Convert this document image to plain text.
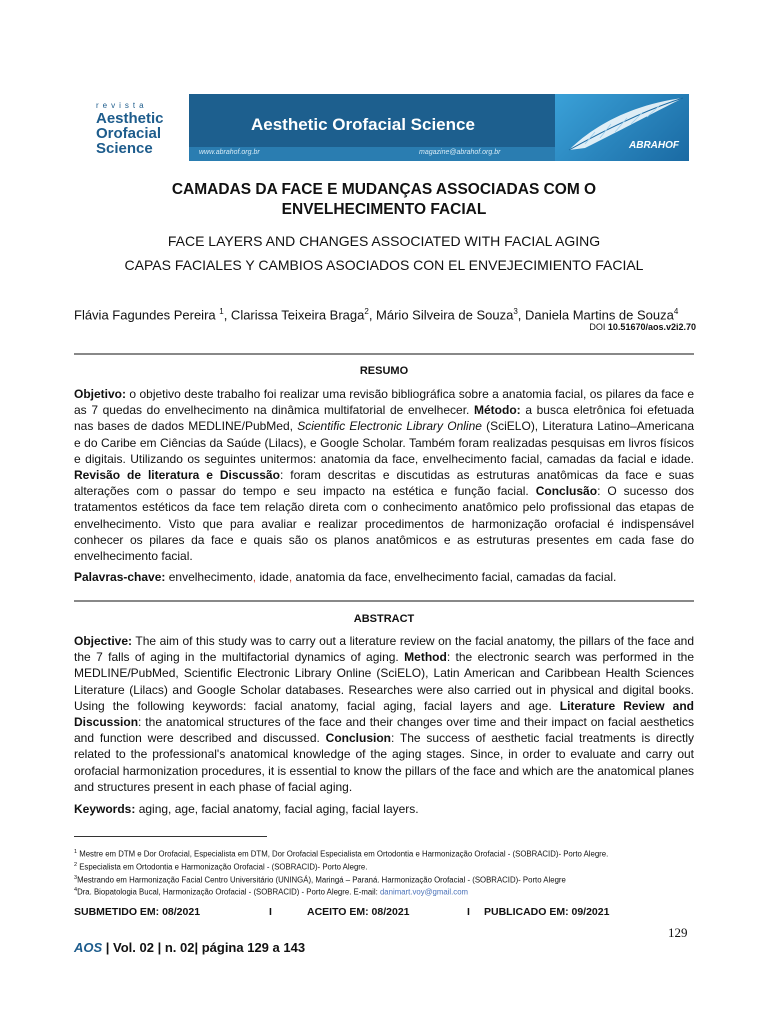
revista
Aesthetic
Orofacial
Science
Aesthetic Orofacial Science
www.abrahof.org.br	magazine@abrahof.org.br
ABRAHOF
CAMADAS DA FACE E MUDANÇAS ASSOCIADAS COM O
ENVELHECIMENTO FACIAL
FACE LAYERS AND CHANGES ASSOCIATED WITH FACIAL AGING
CAPAS FACIALES Y CAMBIOS ASOCIADOS CON EL ENVEJECIMIENTO FACIAL
Flávia Fagundes Pereira $^1$, Clarissa Teixeira Braga$^2$, Mário Silveira de Souza$^3$, Daniela Martins de Souza$^4$
DOI 10.51670/aos.v2i2.70
RESUMO
Objetivo: o objetivo deste trabalho foi realizar uma revisão bibliográfica sobre a anatomia facial, os pilares da face e as 7 quedas do envelhecimento na dinâmica multifatorial de envelhecer. Método: a busca eletrônica foi efetuada nas bases de dados MEDLINE/PubMed, Scientific Electronic Library Online (SciELO), Literatura Latino–Americana e do Caribe em Ciências da Saúde (Lilacs), e Google Scholar. Também foram realizadas pesquisas em livros físicos e digitais. Utilizando os seguintes unitermos: anatomia da face, envelhecimento facial, camadas da facial e idade. Revisão de literatura e Discussão: foram descritas e discutidas as estruturas anatômicas da face e suas alterações com o passar do tempo e seu impacto na estética e função facial. Conclusão: O sucesso dos tratamentos estéticos da face tem relação direta com o conhecimento anatômico pelo profissional das etapas de envelhecimento. Visto que para avaliar e realizar procedimentos de harmonização orofacial é indispensável conhecer os pilares da face e quais são os planos anatômicos e as estruturas presentes em cada fase do envelhecimento facial.
Palavras-chave: envelhecimento, idade, anatomia da face, envelhecimento facial, camadas da facial.
ABSTRACT
Objective: The aim of this study was to carry out a literature review on the facial anatomy, the pillars of the face and the 7 falls of aging in the multifactorial dynamics of aging. Method: the electronic search was performed in the MEDLINE/PubMed, Scientific Electronic Library Online (SciELO), Latin American and Caribbean Health Sciences Literature (Lilacs) and Google Scholar databases. Researches were also carried out in physical and digital books. Using the following keywords: facial anatomy, facial aging, facial layers and age. Literature Review and Discussion: the anatomical structures of the face and their changes over time and their impact on facial aesthetics and function were described and discussed. Conclusion: The success of aesthetic facial treatments is directly related to the professional's anatomical knowledge of the aging stages. Since, in order to evaluate and carry out orofacial harmonization procedures, it is essential to know the pillars of the face and which are the anatomical planes and structures present in each phase of facial aging.
Keywords: aging, age, facial anatomy, facial aging, facial layers.
$^1$ Mestre em DTM e Dor Orofacial, Especialista em DTM, Dor Orofacial Especialista em Ortodontia e Harmonização Orofacial - (SOBRACID)- Porto Alegre.
$^2$ Especialista em Ortodontia e Harmonização Orofacial - (SOBRACID)- Porto Alegre.
$^3$Mestrando em Harmonização Facial Centro Universitário (UNINGÁ), Maringá – Paraná. Harmonização Orofacial - (SOBRACID)- Porto Alegre
$^4$Dra. Biopatologia Bucal, Harmonização Orofacial - (SOBRACID) - Porto Alegre. E-mail: danimart.voy@gmail.com
SUBMETIDO EM: 08/2021	I	ACEITO EM: 08/2021	I	PUBLICADO EM: 09/2021
129
AOS | Vol. 02 | n. 02| página 129 a 143
